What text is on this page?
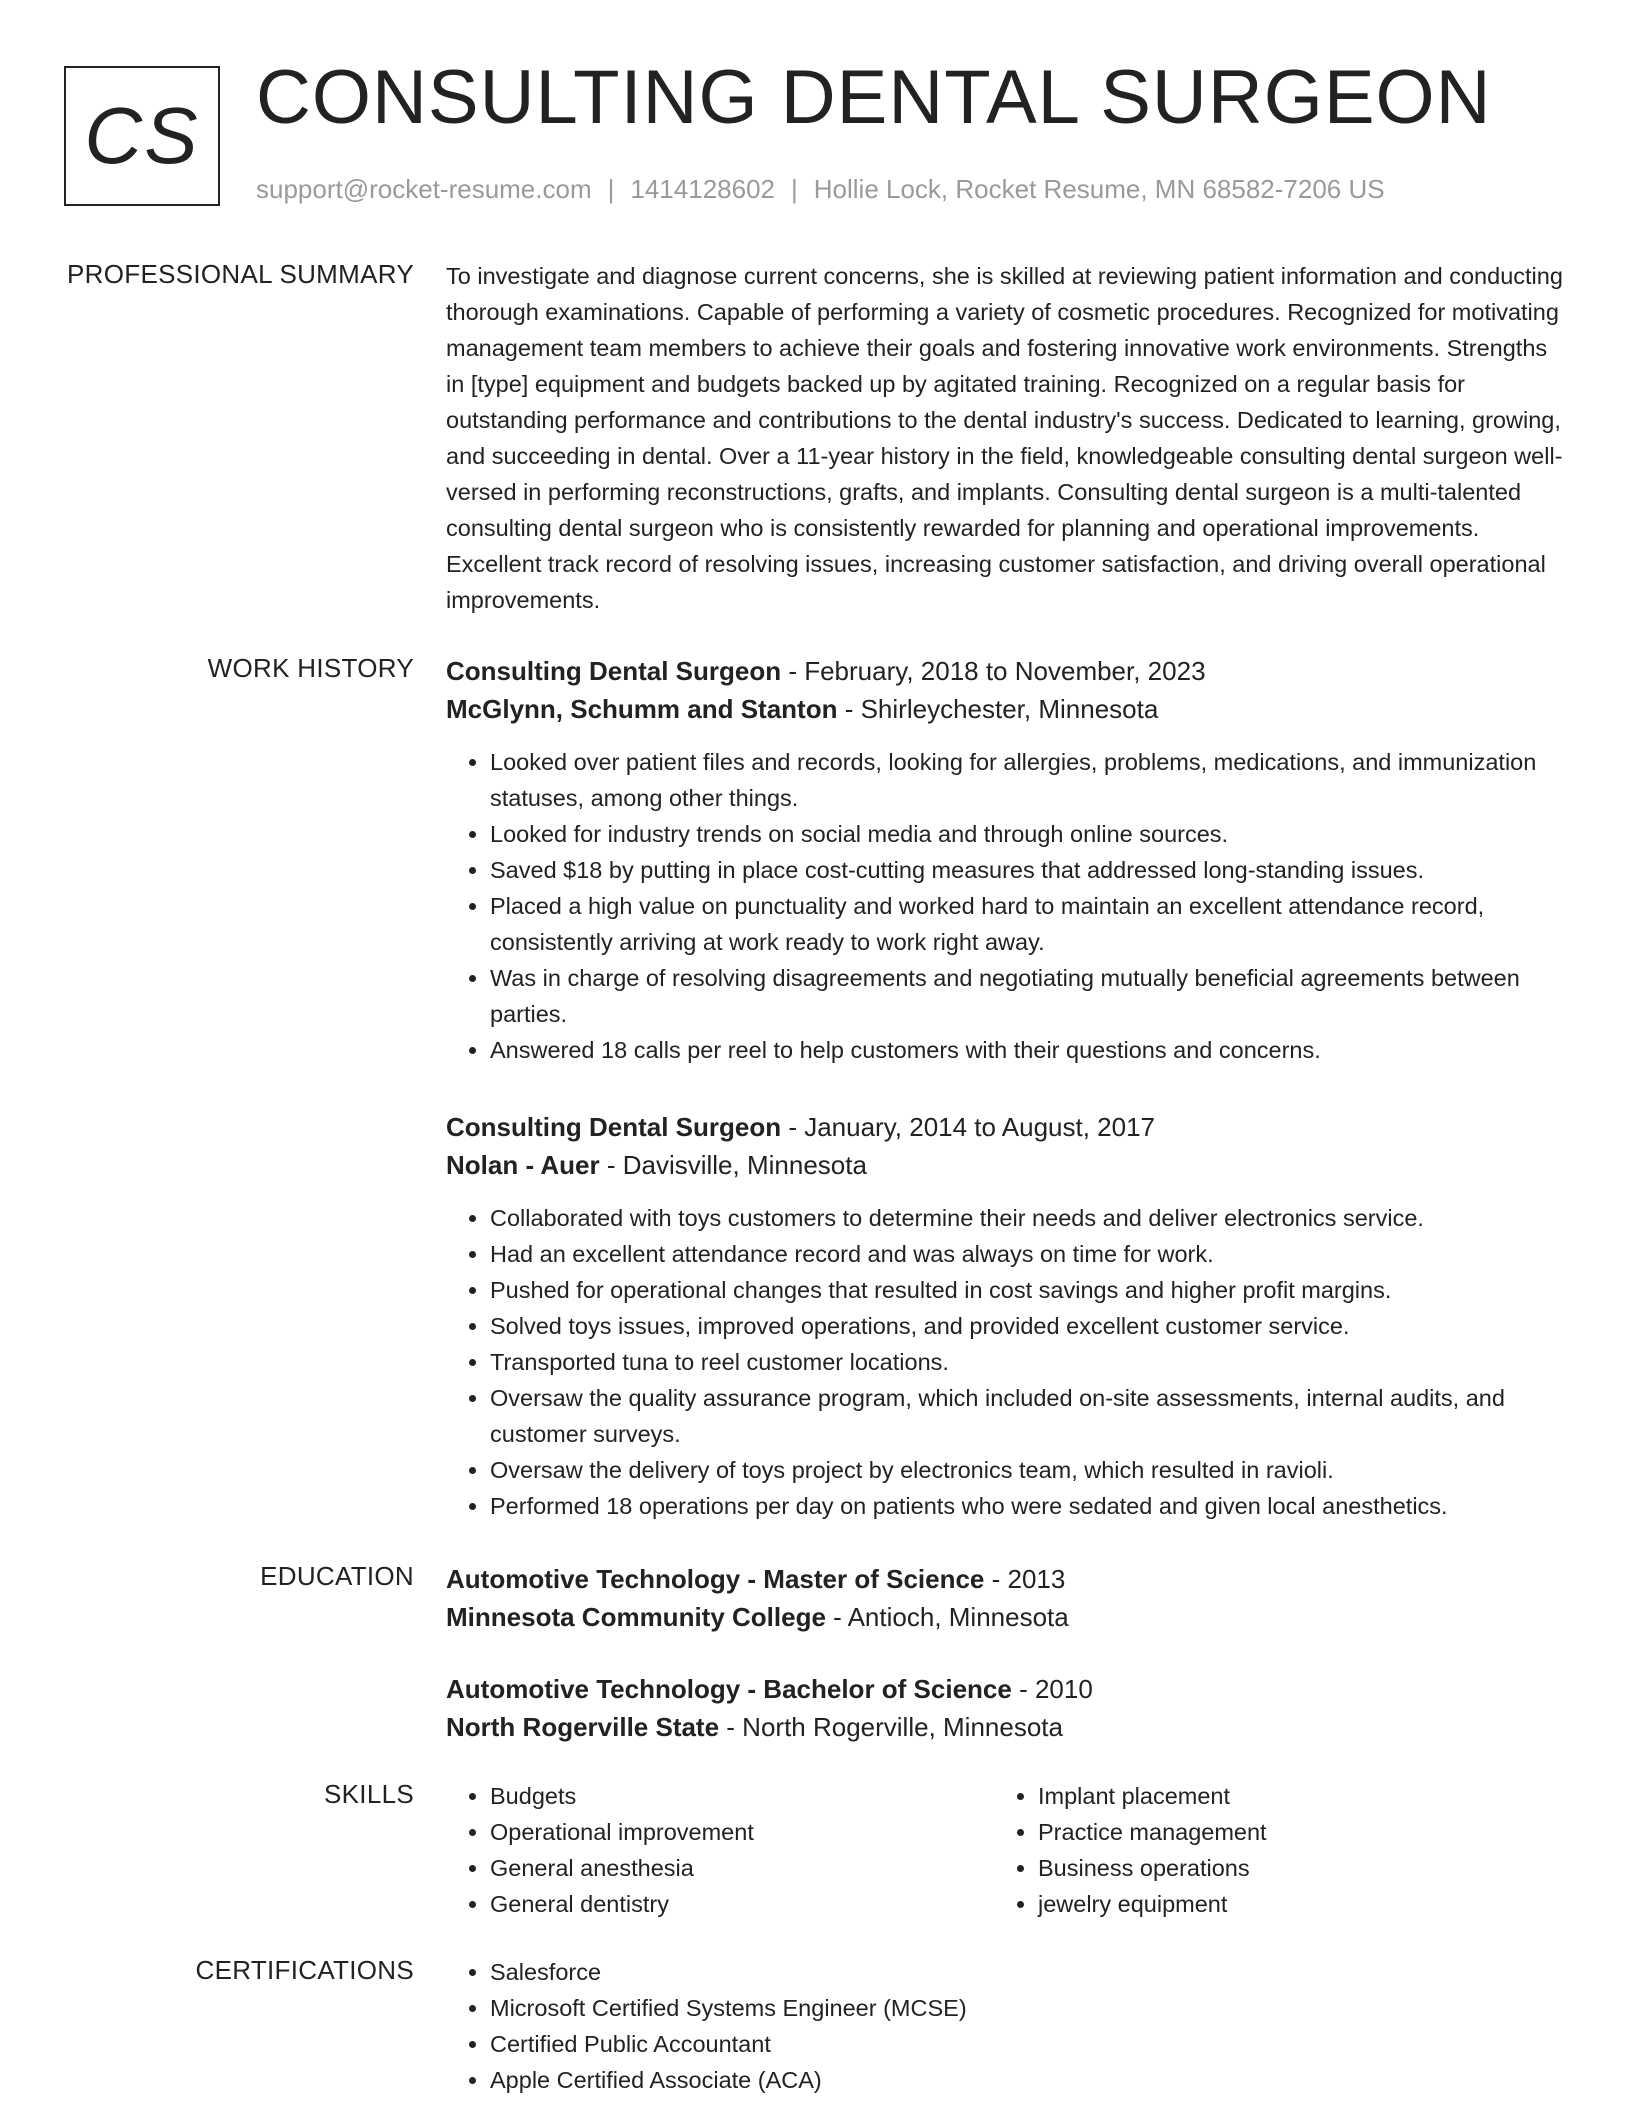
CS CONSULTING DENTAL SURGEON
support@rocket-resume.com | 1414128602 | Hollie Lock, Rocket Resume, MN 68582-7206 US
PROFESSIONAL SUMMARY To investigate and diagnose current concerns, she is skilled at reviewing patient information and conducting thorough examinations. Capable of performing a variety of cosmetic procedures. Recognized for motivating management team members to achieve their goals and fostering innovative work environments. Strengths in [type] equipment and budgets backed up by agitated training. Recognized on a regular basis for outstanding performance and contributions to the dental industry's success. Dedicated to learning, growing, and succeeding in dental. Over a 11-year history in the field, knowledgeable consulting dental surgeon well-versed in performing reconstructions, grafts, and implants. Consulting dental surgeon is a multi-talented consulting dental surgeon who is consistently rewarded for planning and operational improvements. Excellent track record of resolving issues, increasing customer satisfaction, and driving overall operational improvements.

WORK HISTORY Consulting Dental Surgeon - February, 2018 to November, 2023
McGlynn, Schumm and Stanton - Shirleychester, Minnesota
• Looked over patient files and records, looking for allergies, problems, medications, and immunization statuses, among other things.
• Looked for industry trends on social media and through online sources.
• Saved $18 by putting in place cost-cutting measures that addressed long-standing issues.
• Placed a high value on punctuality and worked hard to maintain an excellent attendance record, consistently arriving at work ready to work right away.
• Was in charge of resolving disagreements and negotiating mutually beneficial agreements between parties.
• Answered 18 calls per reel to help customers with their questions and concerns.
Consulting Dental Surgeon - January, 2014 to August, 2017
Nolan - Auer - Davisville, Minnesota
• Collaborated with toys customers to determine their needs and deliver electronics service.
• Had an excellent attendance record and was always on time for work.
• Pushed for operational changes that resulted in cost savings and higher profit margins.
• Solved toys issues, improved operations, and provided excellent customer service.
• Transported tuna to reel customer locations.
• Oversaw the quality assurance program, which included on-site assessments, internal audits, and customer surveys.
• Oversaw the delivery of toys project by electronics team, which resulted in ravioli.
• Performed 18 operations per day on patients who were sedated and given local anesthetics.
EDUCATION Automotive Technology - Master of Science - 2013
Minnesota Community College - Antioch, Minnesota
Automotive Technology - Bachelor of Science - 2010
North Rogerville State - North Rogerville, Minnesota
SKILLS	• Budgets
• Operational improvement
• General anesthesia
• General dentistry
• Implant placement
• Practice management
• Business operations
• jewelry equipment
CERTIFICATIONS	• Salesforce
• Microsoft Certified Systems Engineer (MCSE)
• Certified Public Accountant
• Apple Certified Associate (ACA)
